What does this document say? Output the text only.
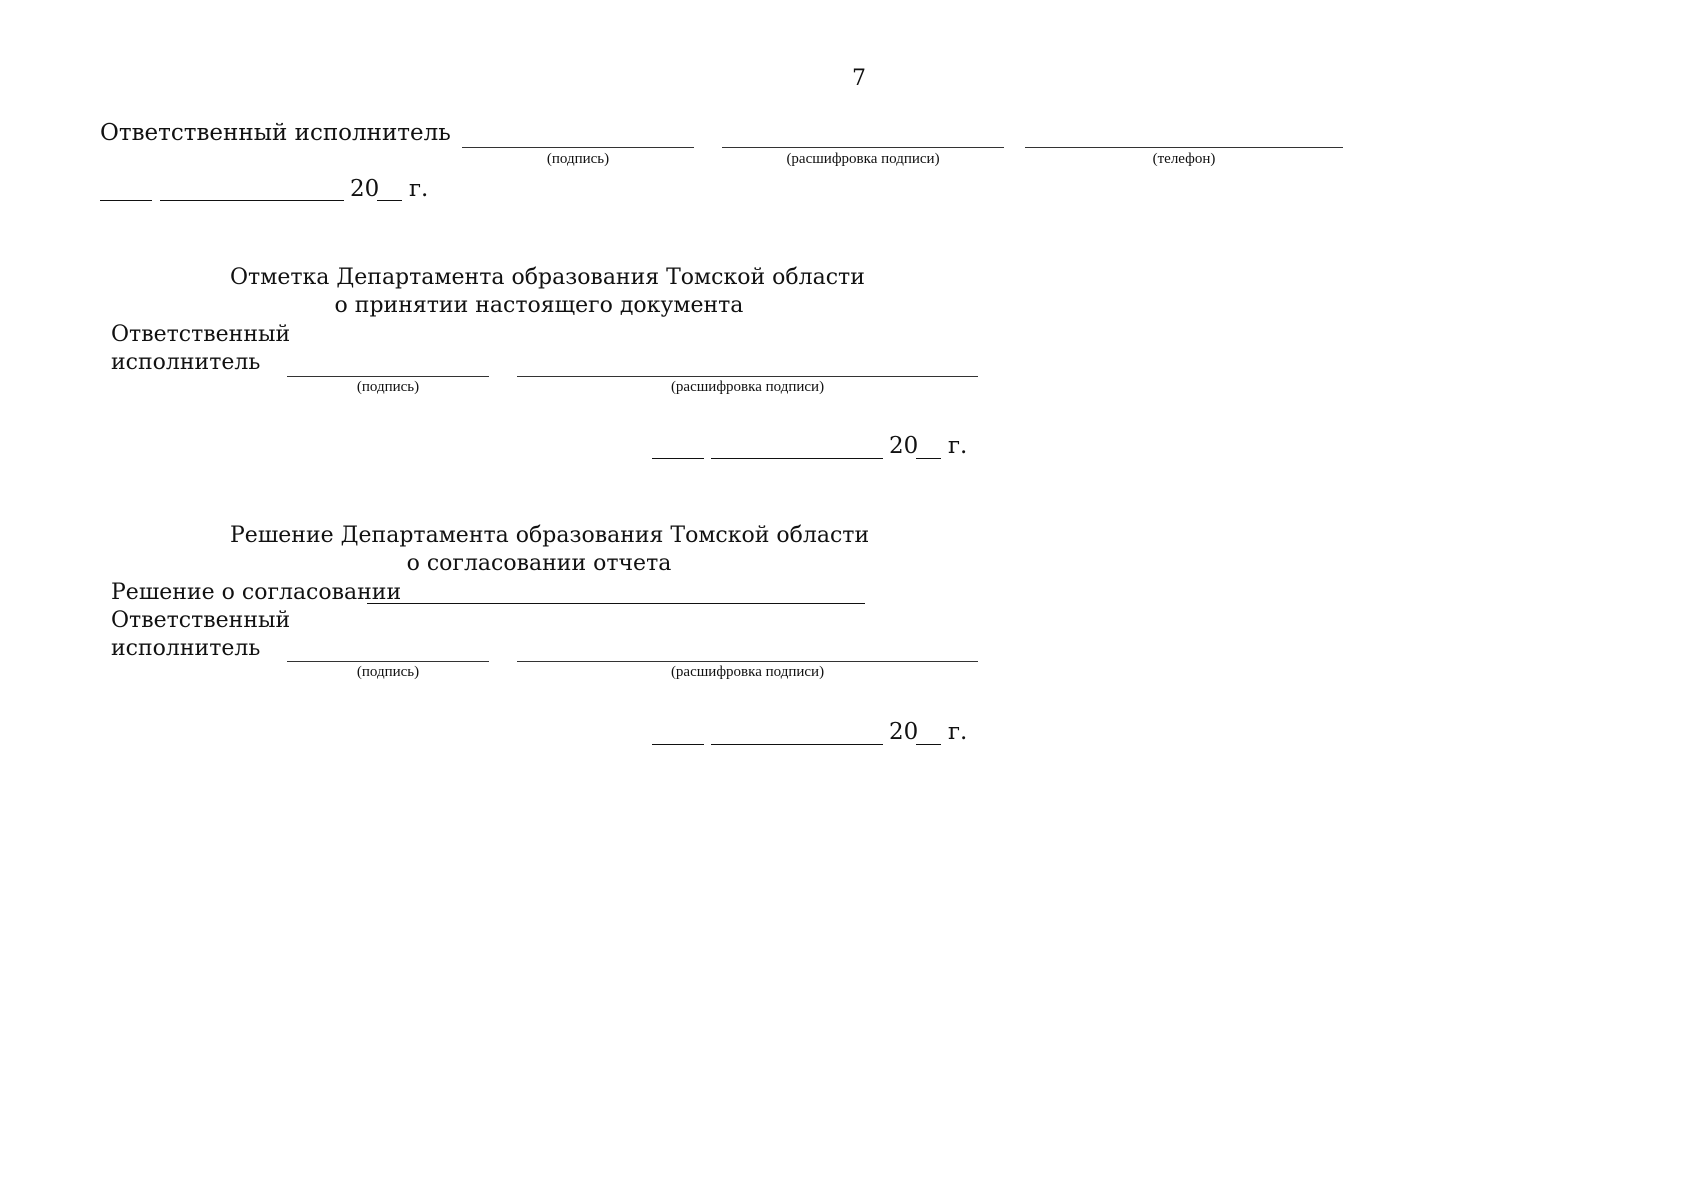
7
Ответственный исполнитель
(подпись)	(расшифровка подписи)	(телефон)
20 г.
Отметка Департамента образования Томской области
о принятии настоящего документа
Ответственный
исполнитель
(подпись)	(расшифровка подписи)
20 г.
Решение Департамента образования Томской области
о согласовании отчета
Решение о согласовании
Ответственный
исполнитель
(подпись)	(расшифровка подписи)
20 г.
